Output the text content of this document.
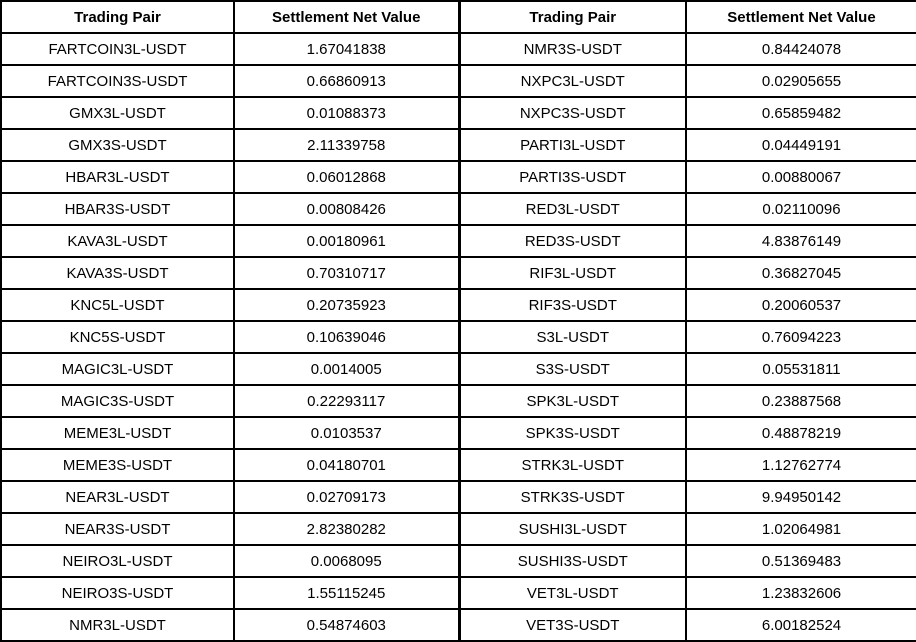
Trading Pair	Settlement Net Value	Trading Pair	Settlement Net Value
FARTCOIN3L-USDT	1.67041838	NMR3S-USDT	0.84424078
FARTCOIN3S-USDT	0.66860913	NXPC3L-USDT	0.02905655
GMX3L-USDT	0.01088373	NXPC3S-USDT	0.65859482
GMX3S-USDT	2.11339758	PARTI3L-USDT	0.04449191
HBAR3L-USDT	0.06012868	PARTI3S-USDT	0.00880067
HBAR3S-USDT	0.00808426	RED3L-USDT	0.02110096
KAVA3L-USDT	0.00180961	RED3S-USDT	4.83876149
KAVA3S-USDT	0.70310717	RIF3L-USDT	0.36827045
KNC5L-USDT	0.20735923	RIF3S-USDT	0.20060537
KNC5S-USDT	0.10639046	S3L-USDT	0.76094223
MAGIC3L-USDT	0.0014005	S3S-USDT	0.05531811
MAGIC3S-USDT	0.22293117	SPK3L-USDT	0.23887568
MEME3L-USDT	0.0103537	SPK3S-USDT	0.48878219
MEME3S-USDT	0.04180701	STRK3L-USDT	1.12762774
NEAR3L-USDT	0.02709173	STRK3S-USDT	9.94950142
NEAR3S-USDT	2.82380282	SUSHI3L-USDT	1.02064981
NEIRO3L-USDT	0.0068095	SUSHI3S-USDT	0.51369483
NEIRO3S-USDT	1.55115245	VET3L-USDT	1.23832606
NMR3L-USDT	0.54874603	VET3S-USDT	6.00182524
